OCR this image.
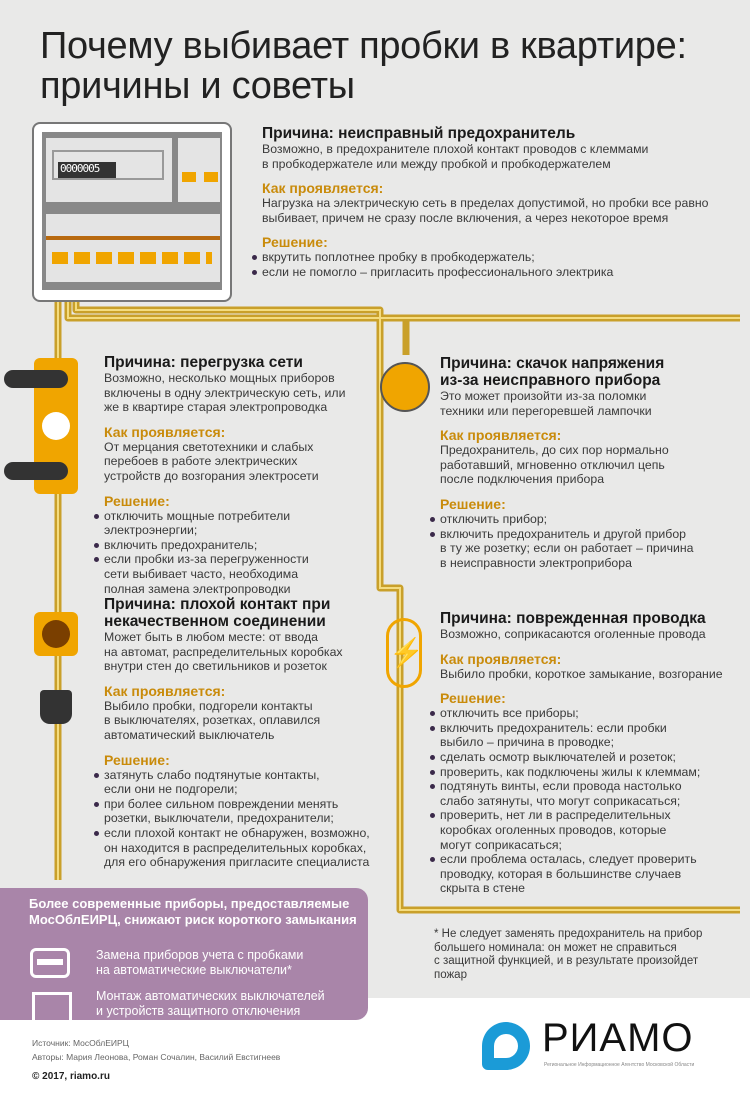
Почему выбивает пробки в квартире:
причины и советы
0000005
⚡
Причина: неисправный предохранитель
Возможно, в предохранителе плохой контакт проводов с клеммами
в пробкодержателе или между пробкой и пробкодержателем
Как проявляется:
Нагрузка на электрическую сеть в пределах допустимой, но пробки все равно
выбивает, причем не сразу после включения, а через некоторое время
Решение:
вкрутить поплотнее пробку в пробкодержатель;
если не помогло – пригласить профессионального электрика
Причина: перегрузка сети
Возможно, несколько мощных приборов
включены в одну электрическую сеть, или
же в квартире старая электропроводка
Как проявляется:
От мерцания светотехники и слабых
перебоев в работе электрических
устройств до возгорания электросети
Решение:
отключить мощные потребители
электроэнергии;
включить предохранитель;
если пробки из-за перегруженности
сети выбивает часто, необходима
полная замена электропроводки
Причина: скачок напряжения
из-за неисправного прибора
Это может произойти из-за поломки
техники или перегоревшей лампочки
Как проявляется:
Предохранитель, до сих пор нормально
работавший, мгновенно отключил цепь
после подключения прибора
Решение:
отключить прибор;
включить предохранитель и другой прибор
в ту же розетку; если он работает – причина
в неисправности электроприбора
Причина: плохой контакт при
некачественном соединении
Может быть в любом месте: от ввода
на автомат, распределительных коробках
внутри стен до светильников и розеток
Как проявляется:
Выбило пробки, подгорели контакты
в выключателях, розетках, оплавился
автоматический выключатель
Решение:
затянуть слабо подтянутые контакты,
если они не подгорели;
при более сильном повреждении менять
розетки, выключатели, предохранители;
если плохой контакт не обнаружен, возможно,
он находится в распределительных коробках,
для его обнаружения пригласите специалиста
Причина: поврежденная проводка
Возможно, соприкасаются оголенные провода
Как проявляется:
Выбило пробки, короткое замыкание, возгорание
Решение:
отключить все приборы;
включить предохранитель: если пробки
выбило – причина в проводке;
сделать осмотр выключателей и розеток;
проверить, как подключены жилы к клеммам;
подтянуть винты, если провода настолько
слабо затянуты, что могут соприкасаться;
проверить, нет ли в распределительных
коробках оголенных проводов, которые
могут соприкасаться;
если проблема осталась, следует проверить
проводку, которая в большинстве случаев
скрыта в стене
Более современные приборы, предоставляемые
МосОблЕИРЦ, снижают риск короткого замыкания
Замена приборов учета с пробками
на автоматические выключатели*
Монтаж автоматических выключателей
и устройств защитного отключения
* Не следует заменять предохранитель на прибор
большего номинала: он может не справиться
с защитной функцией, и в результате произойдет
пожар
Источник: МосОблЕИРЦ
Авторы: Мария Леонова, Роман Сочалин, Василий Евстигнеев
© 2017, riamo.ru
РИАМО
Региональное Информационное Агентство Московской Области
